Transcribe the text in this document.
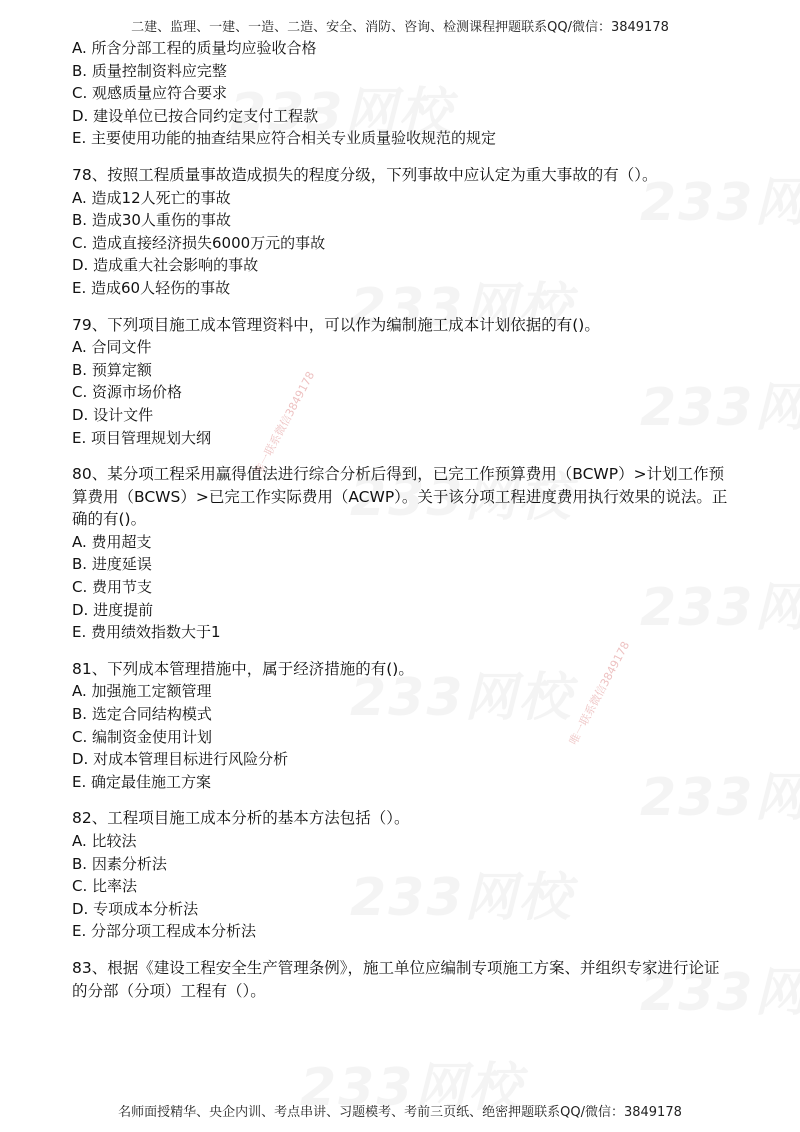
唯一联系微信3849178
唯一联系微信3849178
二建、监理、一建、一造、二造、安全、消防、咨询、检测课程押题联系QQ/微信：3849178
A. 所含分部工程的质量均应验收合格
B. 质量控制资料应完整
C. 观感质量应符合要求
D. 建设单位已按合同约定支付工程款
E. 主要使用功能的抽查结果应符合相关专业质量验收规范的规定
78、按照工程质量事故造成损失的程度分级，下列事故中应认定为重大事故的有（）。
A. 造成12人死亡的事故
B. 造成30人重伤的事故
C. 造成直接经济损失6000万元的事故
D. 造成重大社会影响的事故
E. 造成60人轻伤的事故
79、下列项目施工成本管理资料中，可以作为编制施工成本计划依据的有()。
A. 合同文件
B. 预算定额
C. 资源市场价格
D. 设计文件
E. 项目管理规划大纲
80、某分项工程采用赢得值法进行综合分析后得到，已完工作预算费用（BCWP）>计划工作预算费用（BCWS）>已完工作实际费用（ACWP）。关于该分项工程进度费用执行效果的说法。正确的有()。
A. 费用超支
B. 进度延误
C. 费用节支
D. 进度提前
E. 费用绩效指数大于1
81、下列成本管理措施中，属于经济措施的有()。
A. 加强施工定额管理
B. 选定合同结构模式
C. 编制资金使用计划
D. 对成本管理目标进行风险分析
E. 确定最佳施工方案
82、工程项目施工成本分析的基本方法包括（）。
A. 比较法
B. 因素分析法
C. 比率法
D. 专项成本分析法
E. 分部分项工程成本分析法
83、根据《建设工程安全生产管理条例》，施工单位应编制专项施工方案、并组织专家进行论证的分部（分项）工程有（）。
名师面授精华、央企内训、考点串讲、习题模考、考前三页纸、绝密押题联系QQ/微信：3849178
